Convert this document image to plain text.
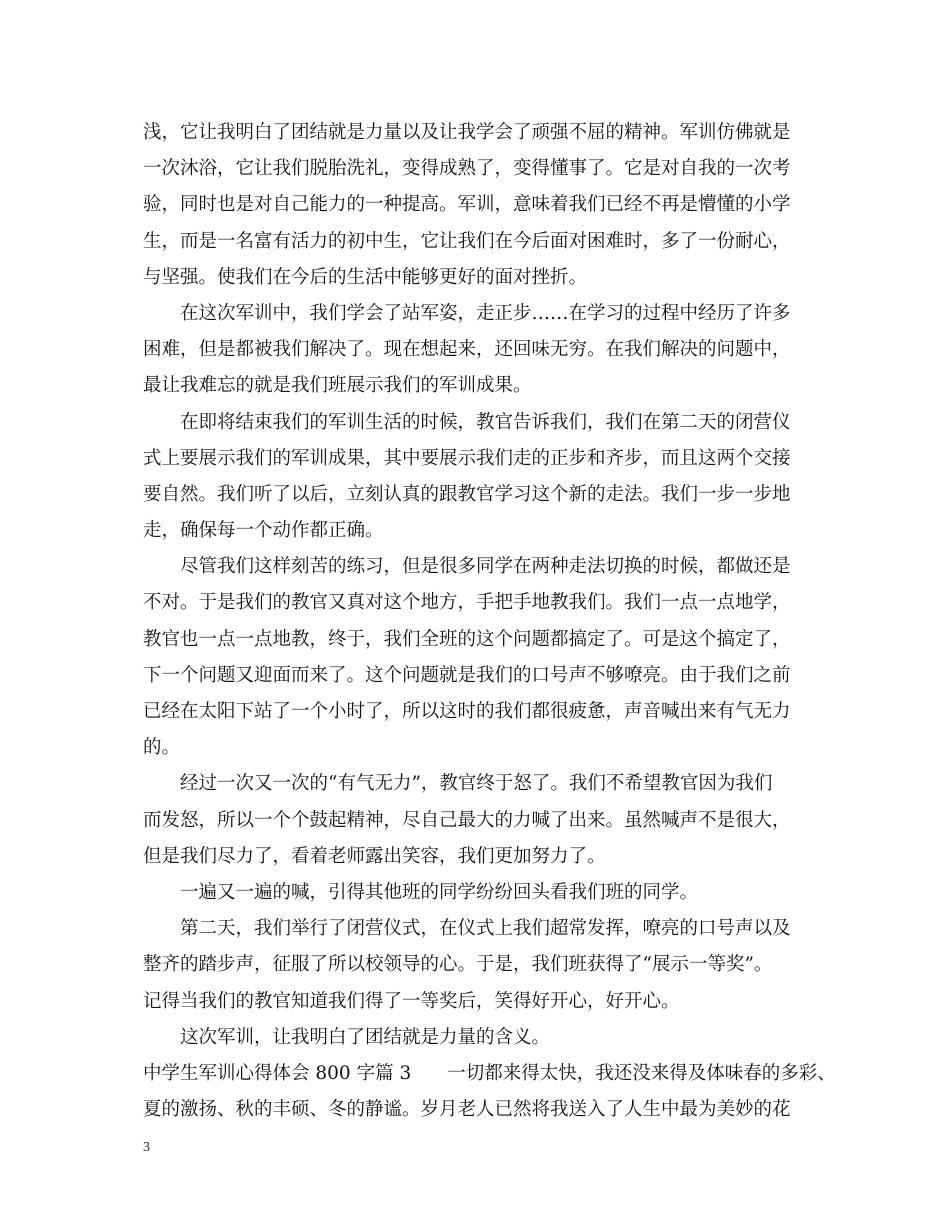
浅，它让我明白了团结就是力量以及让我学会了顽强不屈的精神。军训仿佛就是
一次沐浴，它让我们脱胎洗礼，变得成熟了，变得懂事了。它是对自我的一次考
验，同时也是对自己能力的一种提高。军训，意味着我们已经不再是懵懂的小学
生，而是一名富有活力的初中生，它让我们在今后面对困难时，多了一份耐心，
与坚强。使我们在今后的生活中能够更好的面对挫折。
在这次军训中，我们学会了站军姿，走正步……在学习的过程中经历了许多
困难，但是都被我们解决了。现在想起来，还回味无穷。在我们解决的问题中，
最让我难忘的就是我们班展示我们的军训成果。
在即将结束我们的军训生活的时候，教官告诉我们，我们在第二天的闭营仪
式上要展示我们的军训成果，其中要展示我们走的正步和齐步，而且这两个交接
要自然。我们听了以后，立刻认真的跟教官学习这个新的走法。我们一步一步地
走，确保每一个动作都正确。
尽管我们这样刻苦的练习，但是很多同学在两种走法切换的时候，都做还是
不对。于是我们的教官又真对这个地方，手把手地教我们。我们一点一点地学，
教官也一点一点地教，终于，我们全班的这个问题都搞定了。可是这个搞定了，
下一个问题又迎面而来了。这个问题就是我们的口号声不够嘹亮。由于我们之前
已经在太阳下站了一个小时了，所以这时的我们都很疲惫，声音喊出来有气无力
的。
经过一次又一次的“有气无力”，教官终于怒了。我们不希望教官因为我们
而发怒，所以一个个鼓起精神，尽自己最大的力喊了出来。虽然喊声不是很大，
但是我们尽力了，看着老师露出笑容，我们更加努力了。
一遍又一遍的喊，引得其他班的同学纷纷回头看我们班的同学。
第二天，我们举行了闭营仪式，在仪式上我们超常发挥，嘹亮的口号声以及
整齐的踏步声，征服了所以校领导的心。于是，我们班获得了“展示一等奖”。
记得当我们的教官知道我们得了一等奖后，笑得好开心，好开心。
这次军训，让我明白了团结就是力量的含义。
中学生军训心得体会 800 字篇 3 一切都来得太快，我还没来得及体味春的多彩、
夏的激扬、秋的丰硕、冬的静谧。岁月老人已然将我送入了人生中最为美妙的花
3
